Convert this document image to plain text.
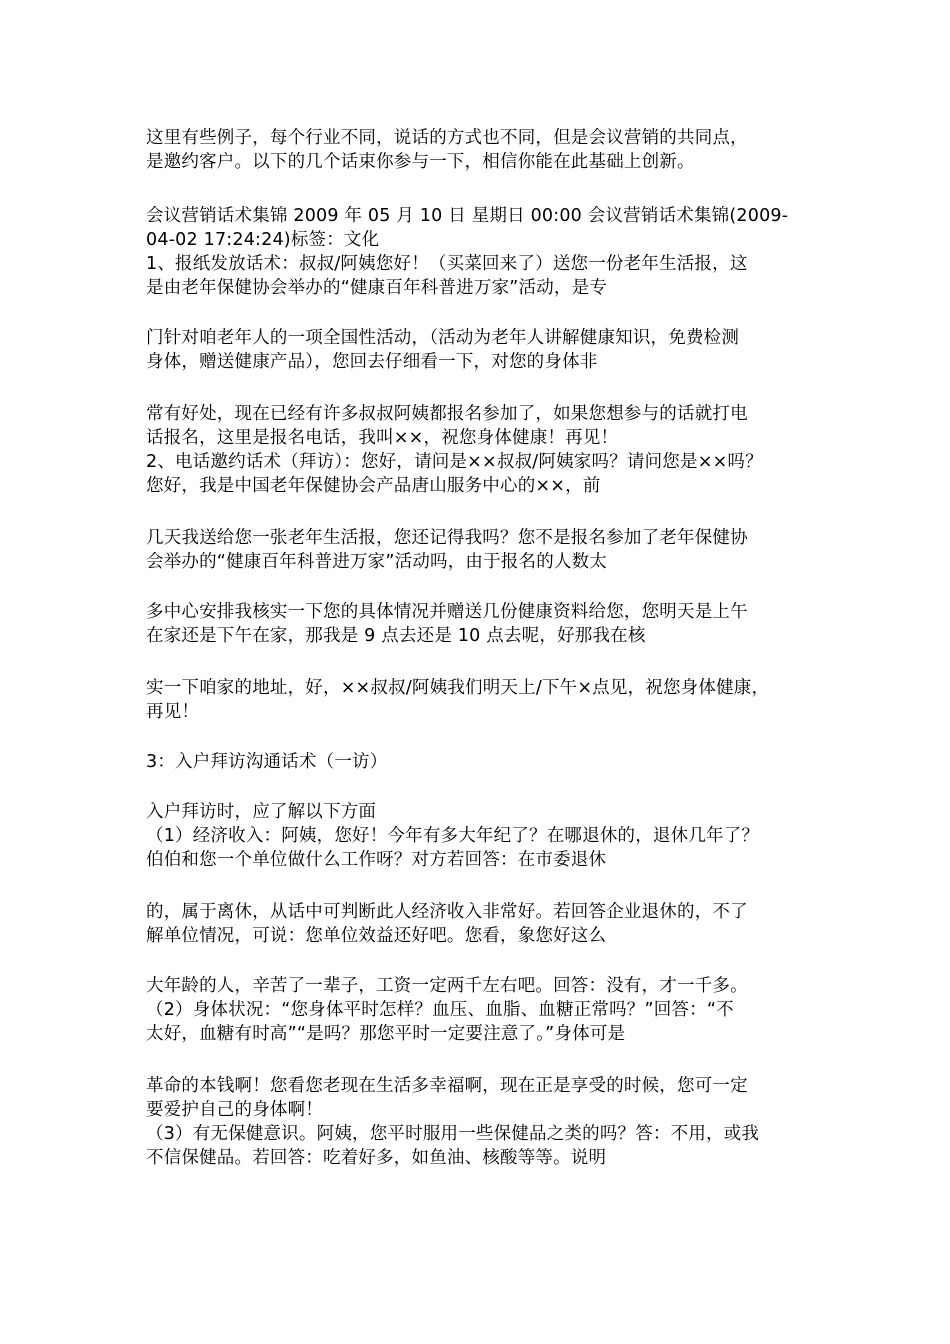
这里有些例子，每个行业不同，说话的方式也不同，但是会议营销的共同点，
是邀约客户。以下的几个话束你参与一下，相信你能在此基础上创新。
会议营销话术集锦 2009 年 05 月 10 日 星期日 00:00 会议营销话术集锦(2009-
04-02 17:24:24)标签：文化
1、报纸发放话术：叔叔/阿姨您好！（买菜回来了）送您一份老年生活报，这
是由老年保健协会举办的“健康百年科普进万家”活动，是专
门针对咱老年人的一项全国性活动，（活动为老年人讲解健康知识，免费检测
身体，赠送健康产品），您回去仔细看一下，对您的身体非
常有好处，现在已经有许多叔叔阿姨都报名参加了，如果您想参与的话就打电
话报名，这里是报名电话，我叫××，祝您身体健康！再见！
2、电话邀约话术（拜访）：您好，请问是××叔叔/阿姨家吗？请问您是××吗？
您好，我是中国老年保健协会产品唐山服务中心的××，前
几天我送给您一张老年生活报，您还记得我吗？您不是报名参加了老年保健协
会举办的“健康百年科普进万家”活动吗，由于报名的人数太
多中心安排我核实一下您的具体情况并赠送几份健康资料给您，您明天是上午
在家还是下午在家，那我是 9 点去还是 10 点去呢，好那我在核
实一下咱家的地址，好，××叔叔/阿姨我们明天上/下午×点见，祝您身体健康，
再见！
3：入户拜访沟通话术（一访）
入户拜访时，应了解以下方面
（1）经济收入：阿姨，您好！今年有多大年纪了？在哪退休的，退休几年了？
伯伯和您一个单位做什么工作呀？对方若回答：在市委退休
的，属于离休，从话中可判断此人经济收入非常好。若回答企业退休的，不了
解单位情况，可说：您单位效益还好吧。您看，象您好这么
大年龄的人，辛苦了一辈子，工资一定两千左右吧。回答：没有，才一千多。
（2）身体状况：“您身体平时怎样？血压、血脂、血糖正常吗？”回答：“不
太好，血糖有时高”“是吗？那您平时一定要注意了。”身体可是
革命的本钱啊！您看您老现在生活多幸福啊，现在正是享受的时候，您可一定
要爱护自己的身体啊！
（3）有无保健意识。阿姨，您平时服用一些保健品之类的吗？答：不用，或我
不信保健品。若回答：吃着好多，如鱼油、核酸等等。说明
